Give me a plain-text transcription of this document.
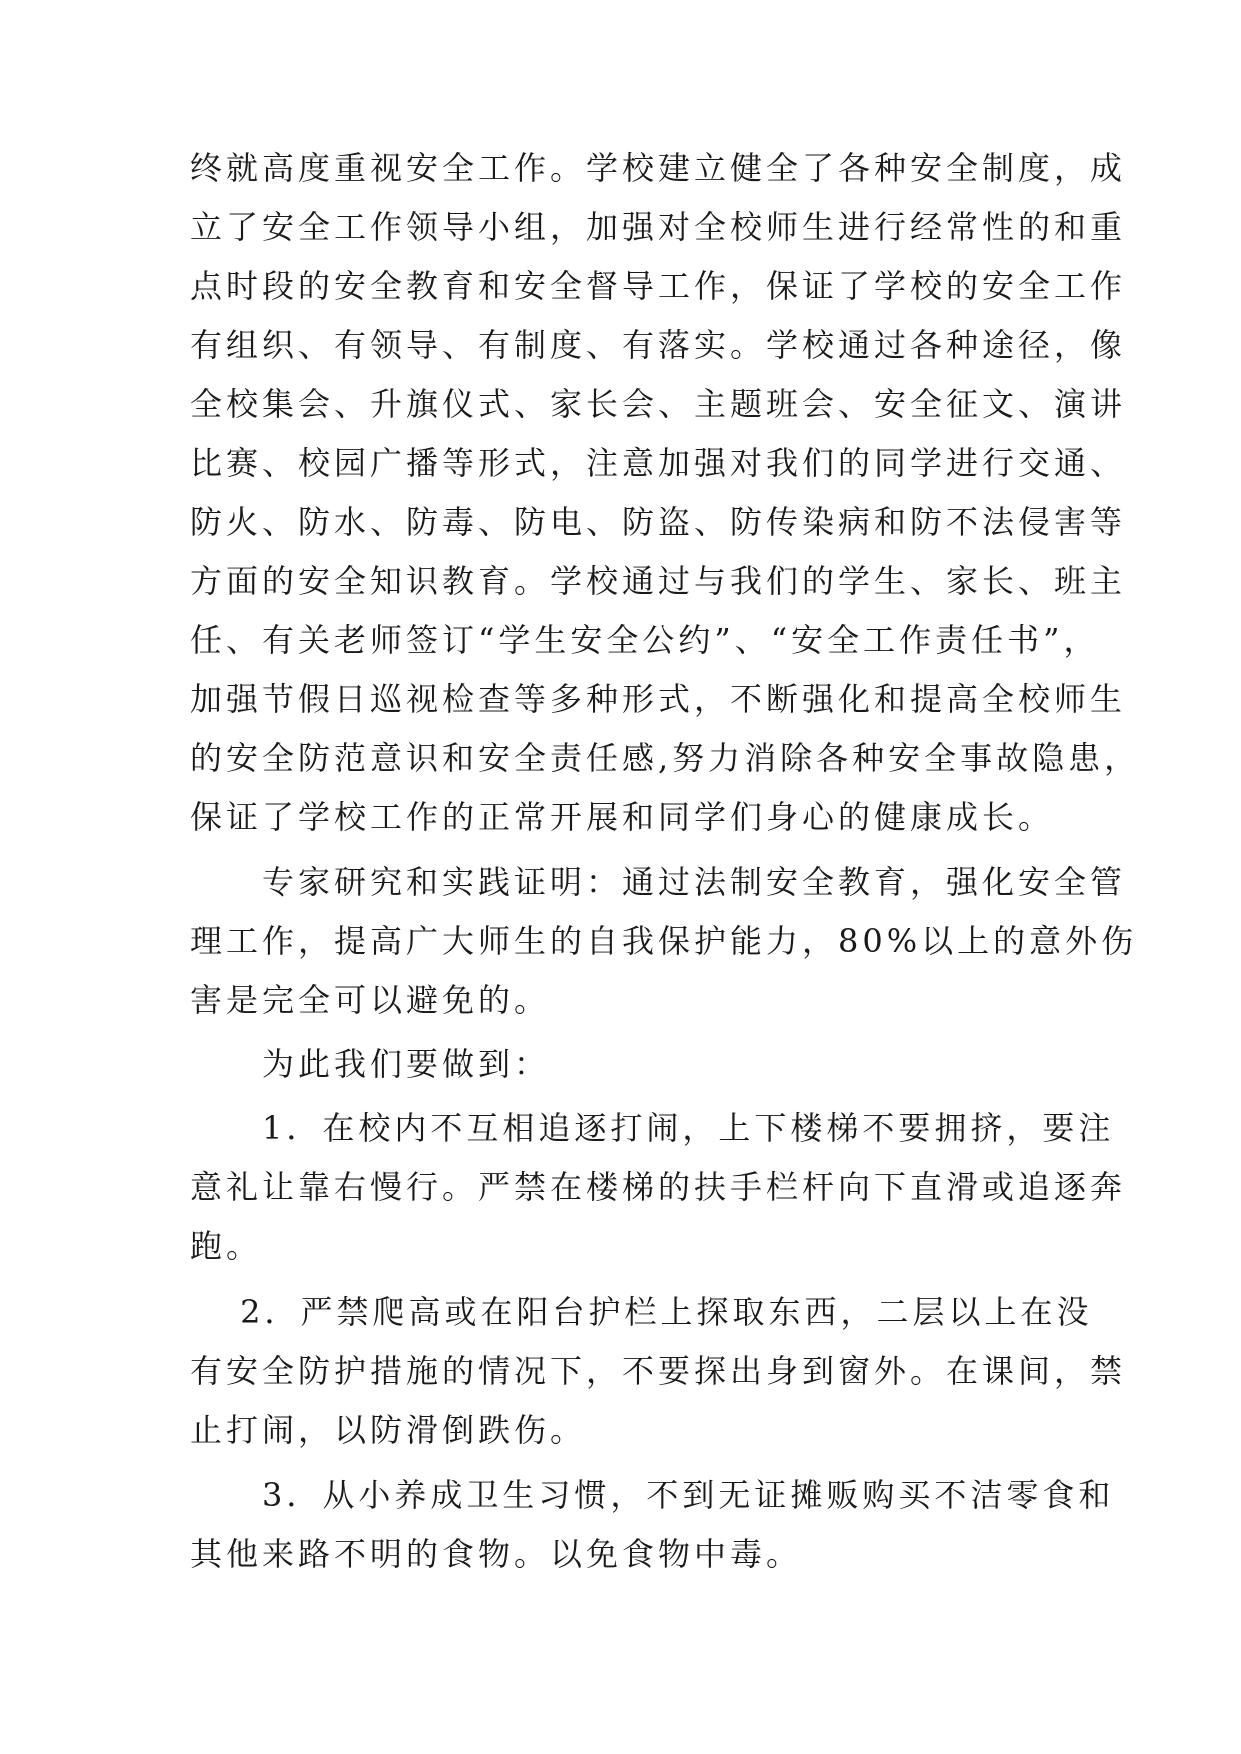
终就高度重视安全工作。学校建立健全了各种安全制度，成
立了安全工作领导小组，加强对全校师生进行经常性的和重
点时段的安全教育和安全督导工作，保证了学校的安全工作
有组织、有领导、有制度、有落实。学校通过各种途径，像
全校集会、升旗仪式、家长会、主题班会、安全征文、演讲
比赛、校园广播等形式，注意加强对我们的同学进行交通、
防火、防水、防毒、防电、防盗、防传染病和防不法侵害等
方面的安全知识教育。学校通过与我们的学生、家长、班主
任、有关老师签订“学生安全公约”、“安全工作责任书”，
加强节假日巡视检查等多种形式，不断强化和提高全校师生
的安全防范意识和安全责任感,努力消除各种安全事故隐患，
保证了学校工作的正常开展和同学们身心的健康成长。
　　专家研究和实践证明：通过法制安全教育，强化安全管
理工作，提高广大师生的自我保护能力，80%以上的意外伤
害是完全可以避免的。
　　为此我们要做到：
　　1．在校内不互相追逐打闹，上下楼梯不要拥挤，要注
意礼让靠右慢行。严禁在楼梯的扶手栏杆向下直滑或追逐奔
跑。
　 2．严禁爬高或在阳台护栏上探取东西，二层以上在没
有安全防护措施的情况下，不要探出身到窗外。在课间，禁
止打闹，以防滑倒跌伤。
　　3．从小养成卫生习惯，不到无证摊贩购买不洁零食和
其他来路不明的食物。以免食物中毒。
